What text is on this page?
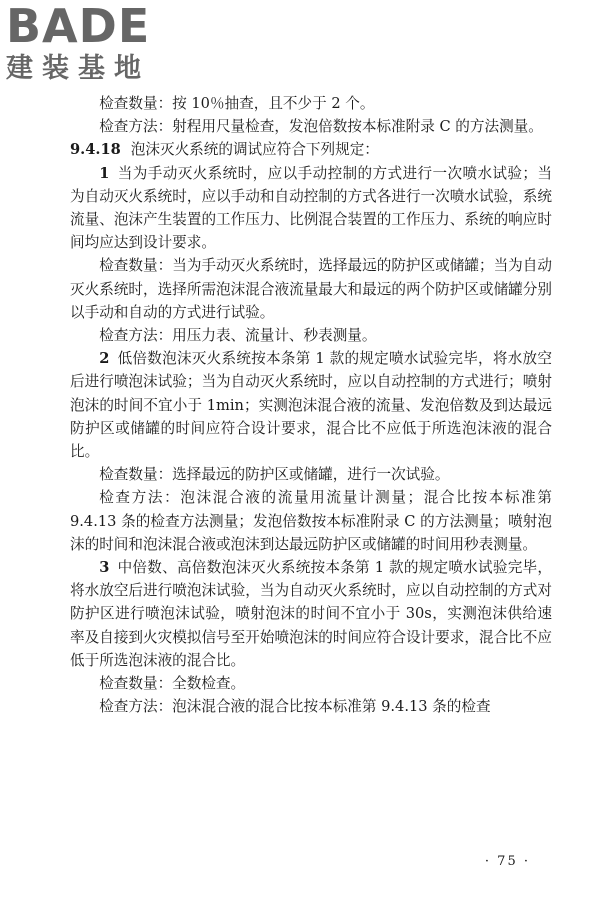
BADE
建装基地

检查数量：按 10％抽查，且不少于 2 个。

检查方法：射程用尺量检查，发泡倍数按本标准附录 C 的方法测量。

9.4.18 泡沫灭火系统的调试应符合下列规定：

1 当为手动灭火系统时，应以手动控制的方式进行一次喷水试验；当为自动灭火系统时，应以手动和自动控制的方式各进行一次喷水试验，系统流量、泡沫产生装置的工作压力、比例混合装置的工作压力、系统的响应时间均应达到设计要求。

检查数量：当为手动灭火系统时，选择最远的防护区或储罐；当为自动灭火系统时，选择所需泡沫混合液流量最大和最远的两个防护区或储罐分别以手动和自动的方式进行试验。

检查方法：用压力表、流量计、秒表测量。

2 低倍数泡沫灭火系统按本条第 1 款的规定喷水试验完毕，将水放空后进行喷泡沫试验；当为自动灭火系统时，应以自动控制的方式进行；喷射泡沫的时间不宜小于 1min；实测泡沫混合液的流量、发泡倍数及到达最远防护区或储罐的时间应符合设计要求，混合比不应低于所选泡沫液的混合比。

检查数量：选择最远的防护区或储罐，进行一次试验。

检查方法：泡沫混合液的流量用流量计测量；混合比按本标准第 9.4.13 条的检查方法测量；发泡倍数按本标准附录 C 的方法测量；喷射泡沫的时间和泡沫混合液或泡沫到达最远防护区或储罐的时间用秒表测量。

3 中倍数、高倍数泡沫灭火系统按本条第 1 款的规定喷水试验完毕，将水放空后进行喷泡沫试验，当为自动灭火系统时，应以自动控制的方式对防护区进行喷泡沫试验，喷射泡沫的时间不宜小于 30s，实测泡沫供给速率及自接到火灾模拟信号至开始喷泡沫的时间应符合设计要求，混合比不应低于所选泡沫液的混合比。

检查数量：全数检查。

检查方法：泡沫混合液的混合比按本标准第 9.4.13 条的检查

· 75 ·
